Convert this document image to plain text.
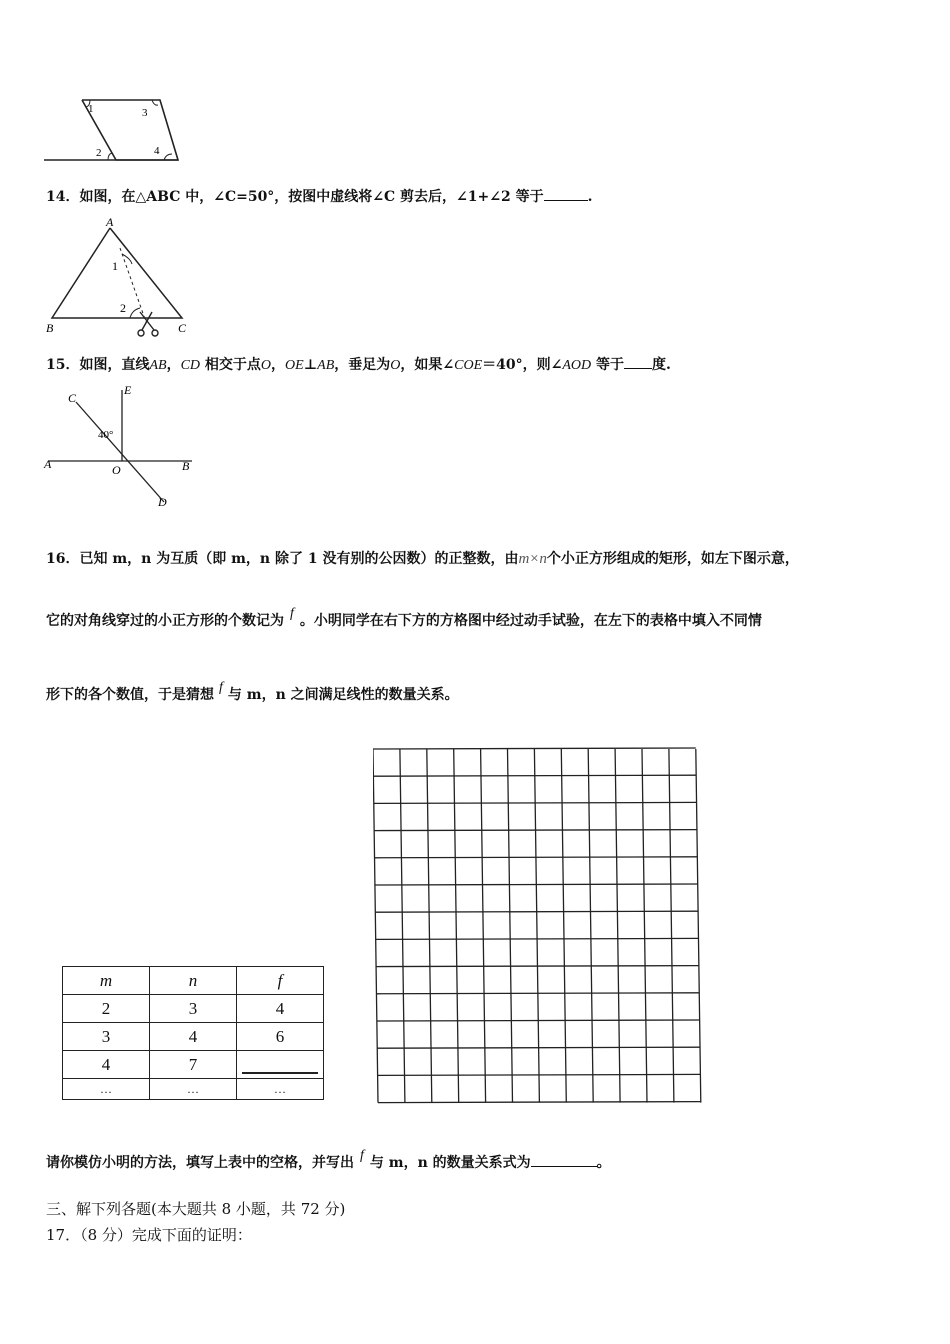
1	3
2	4
14．如图，在△ABC 中，∠C=50°，按图中虚线将∠C 剪去后，∠1+∠2 等于	.
A
B	C
1
2
15．如图，直线AB，CD 相交于点O，OE⊥AB，垂足为O，如果∠COE＝40°，则∠AOD 等于 度.
A	B
C
D
E
O
40°
16．已知 m，n 为互质（即 m，n 除了 1 没有别的公因数）的正整数，由m×n个小正方形组成的矩形，如左下图示意，
它的对角线穿过的小正方形的个数记为 f 。小明同学在右下方的方格图中经过动手试验，在左下的表格中填入不同情
形下的各个数值，于是猜想 f 与 m，n 之间满足线性的数量关系。
m	n	f
2	3	4
3	4	6
4	7	

…	…	…
请你模仿小明的方法，填写上表中的空格，并写出 f 与 m，n 的数量关系式为	。
三、解下列各题(本大题共 8 小题，共 72 分)
17．（8 分）完成下面的证明：
